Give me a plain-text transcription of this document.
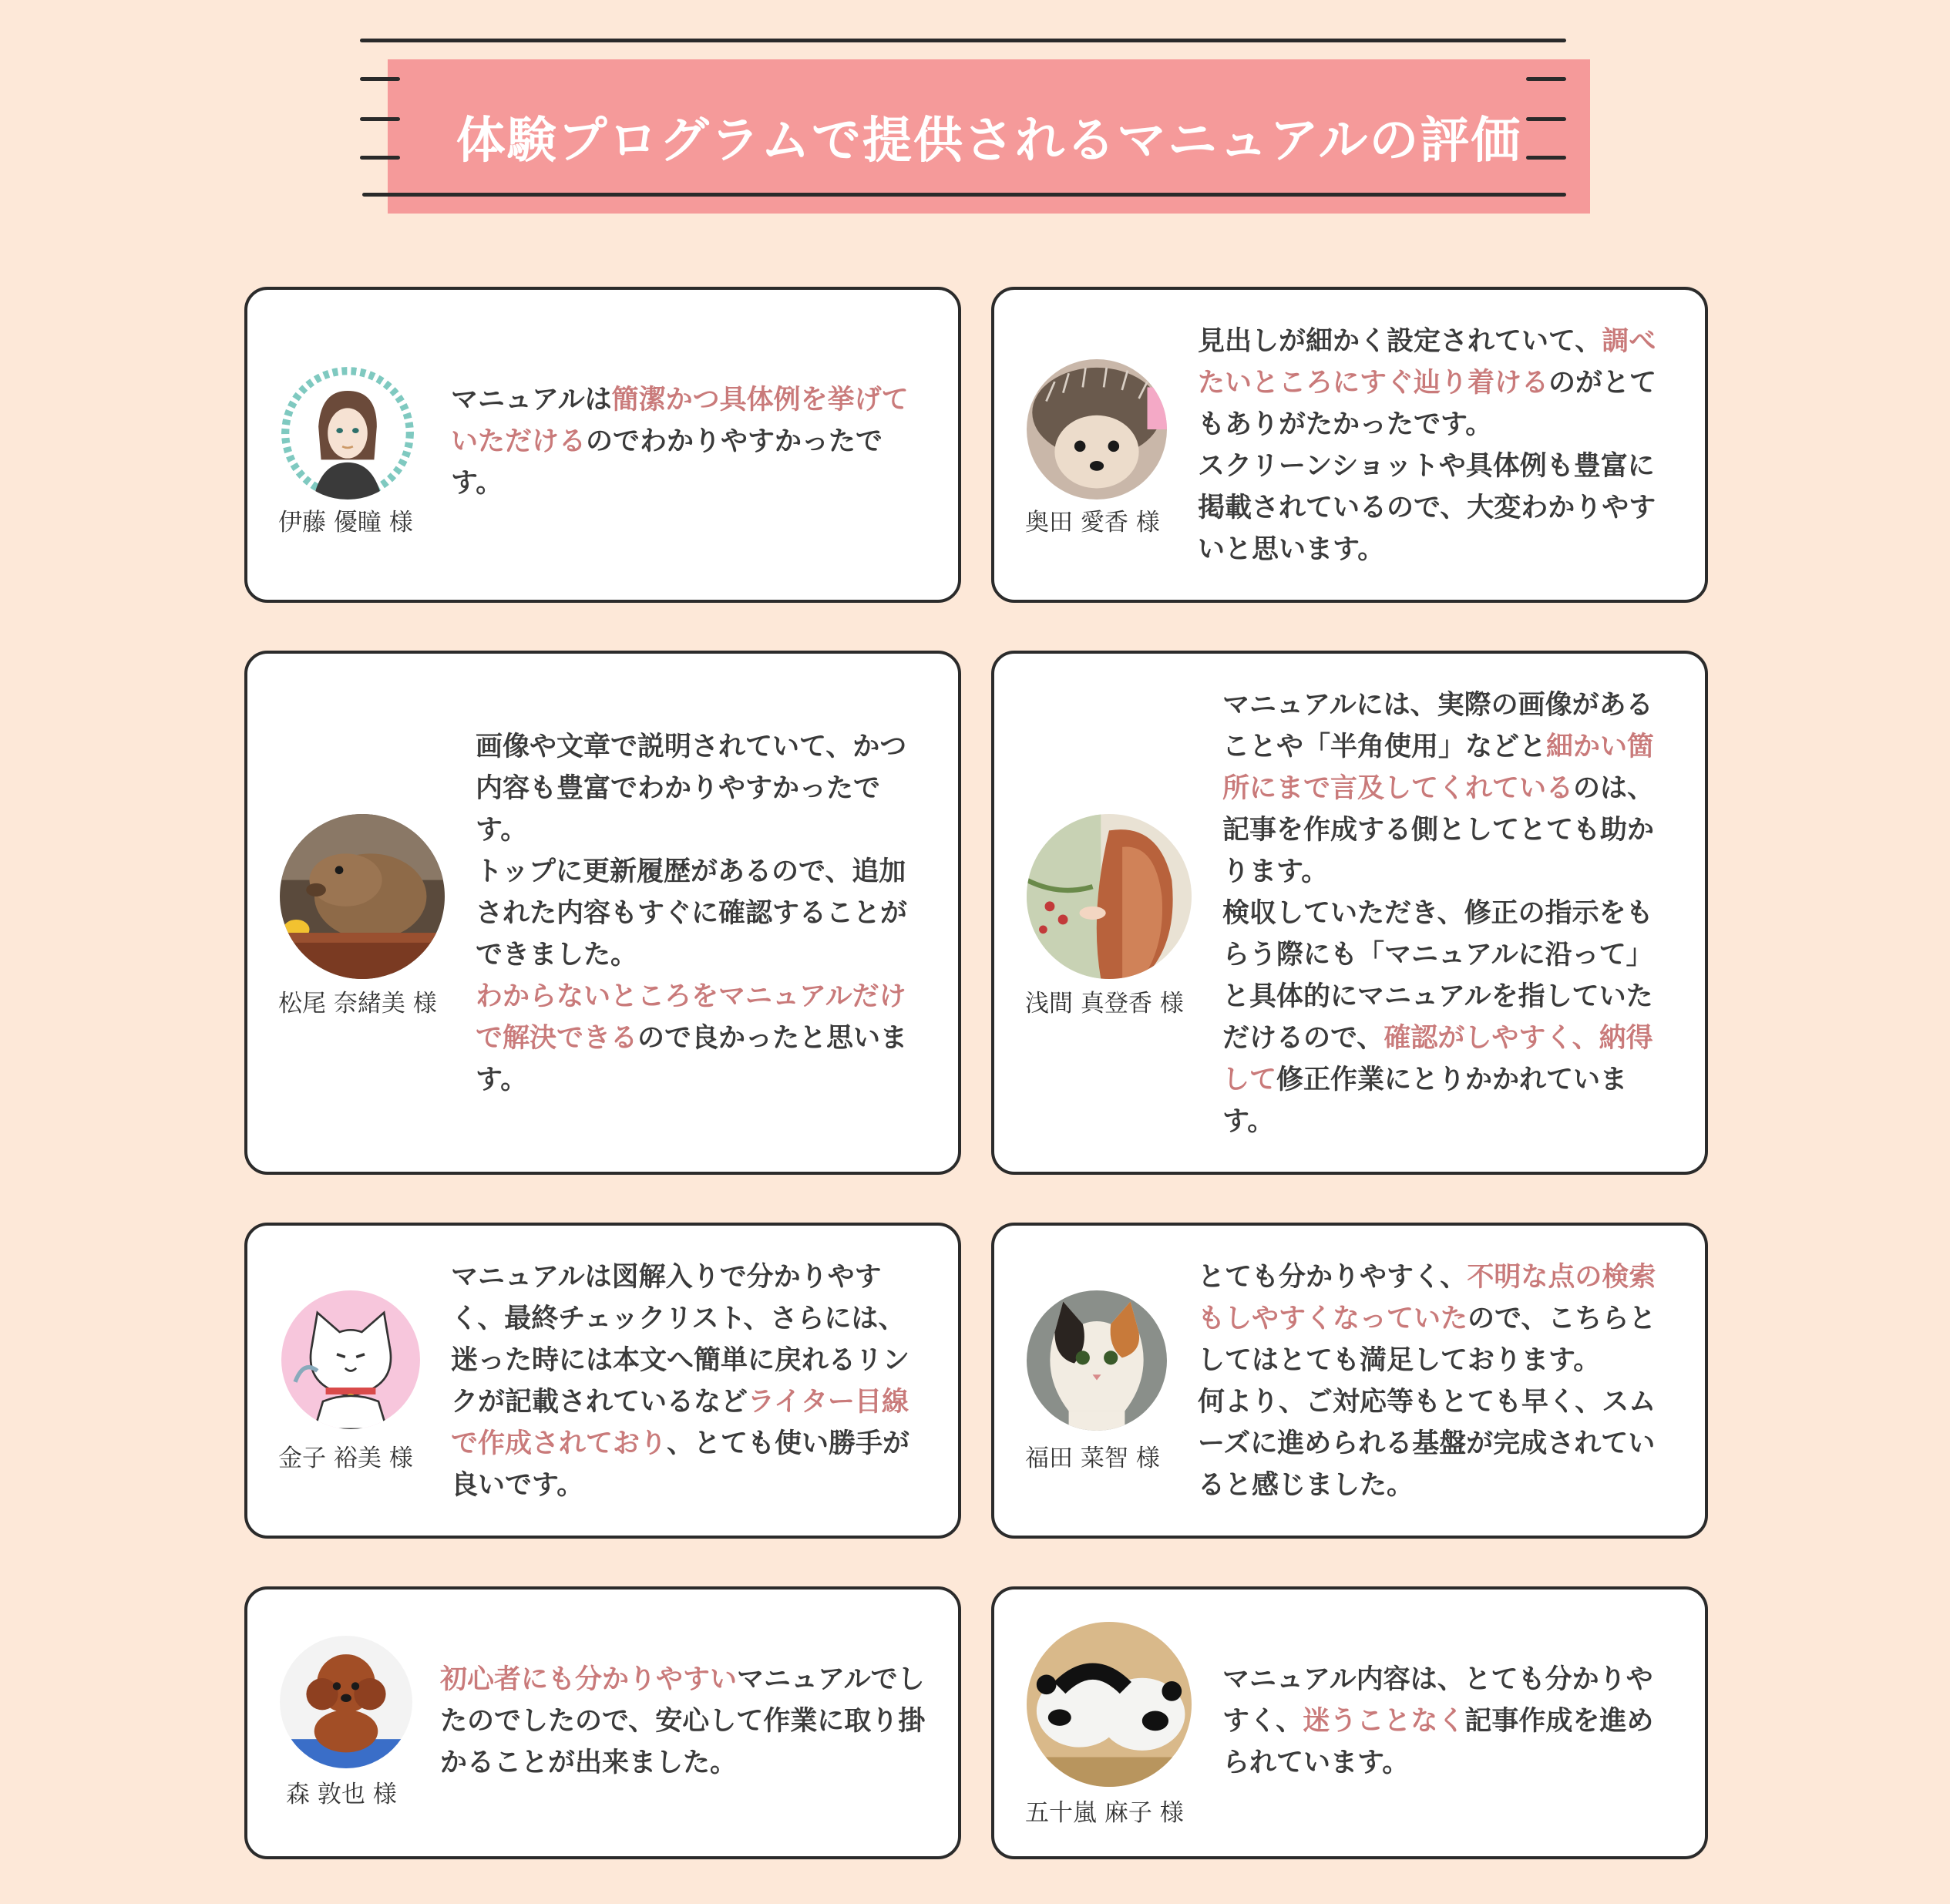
体験プログラムで提供されるマニュアルの評価
伊藤 優瞳 様
マニュアルは簡潔かつ具体例を挙げていただけるのでわかりやすかったです。
奥田 愛香 様
見出しが細かく設定されていて、調べたいところにすぐ辿り着けるのがとてもありがたかったです。
スクリーンショットや具体例も豊富に掲載されているので、大変わかりやすいと思います。
松尾 奈緒美 様
画像や文章で説明されていて、かつ内容も豊富でわかりやすかったです。
トップに更新履歴があるので、追加された内容もすぐに確認することができました。
わからないところをマニュアルだけで解決できるので良かったと思います。
浅間 真登香 様
マニュアルには、実際の画像があることや「半角使用」などと細かい箇所にまで言及してくれているのは、記事を作成する側としてとても助かります。
検収していただき、修正の指示をもらう際にも「マニュアルに沿って」と具体的にマニュアルを指していただけるので、確認がしやすく、納得して修正作業にとりかかれています。
金子 裕美 様
マニュアルは図解入りで分かりやすく、最終チェックリスト、さらには、迷った時には本文へ簡単に戻れるリンクが記載されているなどライター目線で作成されており、とても使い勝手が良いです。
福田 菜智 様
とても分かりやすく、不明な点の検索もしやすくなっていたので、こちらとしてはとても満足しております。
何より、ご対応等もとても早く、スムーズに進められる基盤が完成されていると感じました。
森 敦也 様
初心者にも分かりやすいマニュアルでしたのでしたので、安心して作業に取り掛かることが出来ました。
五十嵐 麻子 様
マニュアル内容は、とても分かりやすく、迷うことなく記事作成を進められています。
